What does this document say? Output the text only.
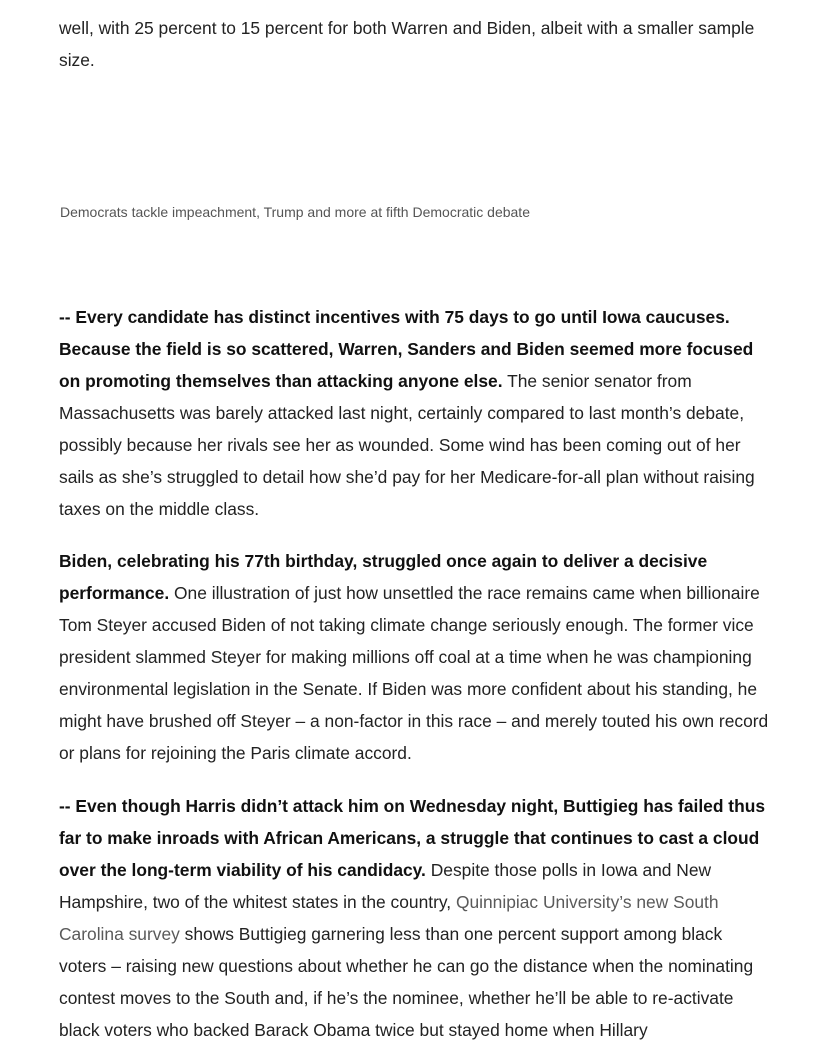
well, with 25 percent to 15 percent for both Warren and Biden, albeit with a smaller sample size.

Democrats tackle impeachment, Trump and more at fifth Democratic debate

-- Every candidate has distinct incentives with 75 days to go until Iowa caucuses. Because the field is so scattered, Warren, Sanders and Biden seemed more focused on promoting themselves than attacking anyone else. The senior senator from Massachusetts was barely attacked last night, certainly compared to last month’s debate, possibly because her rivals see her as wounded. Some wind has been coming out of her sails as she’s struggled to detail how she’d pay for her Medicare-for-all plan without raising taxes on the middle class.

Biden, celebrating his 77th birthday, struggled once again to deliver a decisive performance. One illustration of just how unsettled the race remains came when billionaire Tom Steyer accused Biden of not taking climate change seriously enough. The former vice president slammed Steyer for making millions off coal at a time when he was championing environmental legislation in the Senate. If Biden was more confident about his standing, he might have brushed off Steyer – a non-factor in this race – and merely touted his own record or plans for rejoining the Paris climate accord.

-- Even though Harris didn’t attack him on Wednesday night, Buttigieg has failed thus far to make inroads with African Americans, a struggle that continues to cast a cloud over the long-term viability of his candidacy. Despite those polls in Iowa and New Hampshire, two of the whitest states in the country, Quinnipiac University’s new South Carolina survey shows Buttigieg garnering less than one percent support among black voters – raising new questions about whether he can go the distance when the nominating contest moves to the South and, if he’s the nominee, whether he’ll be able to re-activate black voters who backed Barack Obama twice but stayed home when Hillary
